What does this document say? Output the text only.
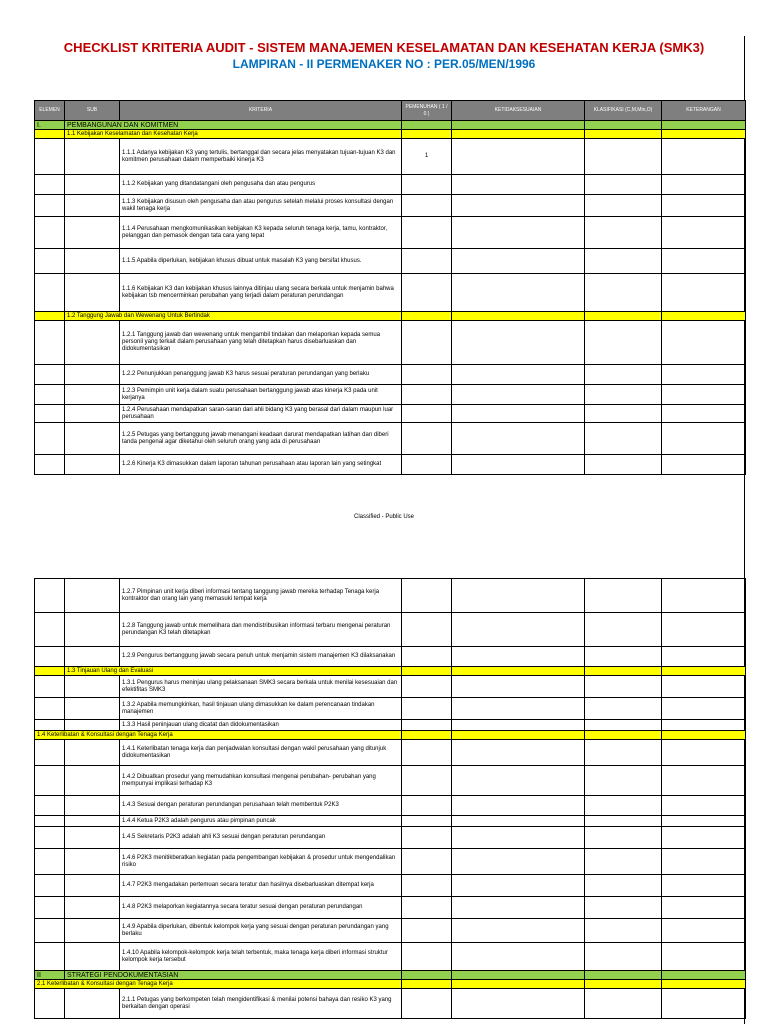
CHECKLIST KRITERIA AUDIT - SISTEM MANAJEMEN KESELAMATAN DAN KESEHATAN KERJA (SMK3)
LAMPIRAN - II PERMENAKER NO : PER.05/MEN/1996
ELEMEN	SUB	KRITERIA	PEMENUHAN ( 1 / 0 )	KETIDAKSESUAIAN	KLASIFIKASI (C,M,Min,O)	KETERANGAN
I.	PEMBANGUNAN DAN KOMITMEN					
	1.1 Kebijakan Keselamatan dan Kesehatan Kerja					
		1.1.1 Adanya kebijakan K3 yang tertulis, bertanggal dan secara jelas menyatakan tujuan-tujuan K3 dan komitmen perusahaan dalam memperbaiki kinerja K3	1			
		1.1.2 Kebijakan yang ditandatangani oleh pengusaha dan atau pengurus				
		1.1.3 Kebijakan disusun oleh pengusaha dan atau pengurus setelah melalui proses konsultasi dengan wakil tenaga kerja				
		1.1.4 Perusahaan mengkomunikasikan kebijakan K3 kepada seluruh tenaga kerja, tamu, kontraktor, pelanggan dan pemasok dengan tata cara yang tepat				
		1.1.5 Apabila diperlukan, kebijakan khusus dibuat untuk masalah K3 yang bersifat khusus.				
		1.1.6 Kebijakan K3 dan kebijakan khusus lainnya ditinjau ulang secara berkala untuk menjamin bahwa kebijakan tsb mencerminkan perubahan yang terjadi dalam peraturan perundangan				
	1.2 Tanggung Jawab dan Wewenang Untuk Bertindak					
		1.2.1 Tanggung jawab dan wewenang untuk mengambil tindakan dan melaporkan kepada semua personil yang terkait dalam perusahaan yang telah ditetapkan harus disebarluaskan dan didokumentasikan				
		1.2.2 Penunjukkan penanggung jawab K3 harus sesuai peraturan perundangan yang berlaku				
		1.2.3 Pemimpin unit kerja dalam suatu perusahaan bertanggung jawab atas kinerja K3 pada unit kerjanya				
		1.2.4 Perusahaan mendapatkan saran-saran dari ahli bidang K3 yang berasal dari dalam maupun luar perusahaan				
		1.2.5 Petugas yang bertanggung jawab menangani keadaan darurat mendapatkan latihan dan diberi tanda pengenal agar diketahui oleh seluruh orang yang ada di perusahaan				
		1.2.6 Kinerja K3 dimasukkan dalam laporan tahunan perusahaan atau laporan lain yang setingkat				
Classified - Public Use
		1.2.7 Pimpinan unit kerja diberi informasi tentang tanggung jawab mereka terhadap Tenaga kerja kontraktor dan orang lain yang memasuki tempat kerja				
		1.2.8 Tanggung jawab untuk memelihara dan mendistribusikan informasi terbaru mengenai peraturan perundangan K3 telah ditetapkan				
		1.2.9 Pengurus bertanggung jawab secara penuh untuk menjamin sistem manajemen K3 dilaksanakan				
	1.3 Tinjauan Ulang dan Evaluasi					
		1.3.1 Pengurus harus meninjau ulang pelaksanaan SMK3 secara berkala untuk menilai kesesuaian dan efektifitas SMK3				
		1.3.2 Apabila memungkinkan, hasil tinjauan ulang dimasukkan ke dalam perencanaan tindakan manajemen				
		1.3.3 Hasil peninjauan ulang dicatat dan didokumentasikan				
1.4 Keterlibatan & Konsultasi dengan Tenaga Kerja						
		1.4.1 Keterlibatan tenaga kerja dan penjadwalan konsultasi dengan wakil perusahaan yang ditunjuk didokumentasikan				
		1.4.2 Dibuatkan prosedur yang memudahkan konsultasi mengenai perubahan- perubahan yang mempunyai implikasi terhadap K3				
		1.4.3 Sesuai dengan peraturan perundangan perusahaan telah membentuk P2K3				
		1.4.4 Ketua P2K3 adalah pengurus atau pimpinan puncak				
		1.4.5 Sekretaris P2K3 adalah ahli K3 sesuai dengan peraturan perundangan				
		1.4.6 P2K3 menitikberatkan kegiatan pada pengembangan kebijakan & prosedur untuk mengendalikan risiko				
		1.4.7 P2K3 mengadakan pertemuan secara teratur dan hasilnya disebarluaskan ditempat kerja				
		1.4.8 P2K3 melaporkan kegiatannya secara teratur sesuai dengan peraturan perundangan				
		1.4.9 Apabila diperlukan, dibentuk kelompok kerja yang sesuai dengan peraturan perundangan yang berlaku				
		1.4.10 Apabila kelompok-kelompok kerja telah terbentuk, maka tenaga kerja diberi informasi struktur kelompok kerja tersebut				
II	STRATEGI PENDOKUMENTASIAN					
2.1 Keterlibatan & Konsultasi dengan Tenaga Kerja						
		2.1.1 Petugas yang berkompeten telah mengidentifikasi & menilai potensi bahaya dan resiko K3 yang berkaitan dengan operasi				
